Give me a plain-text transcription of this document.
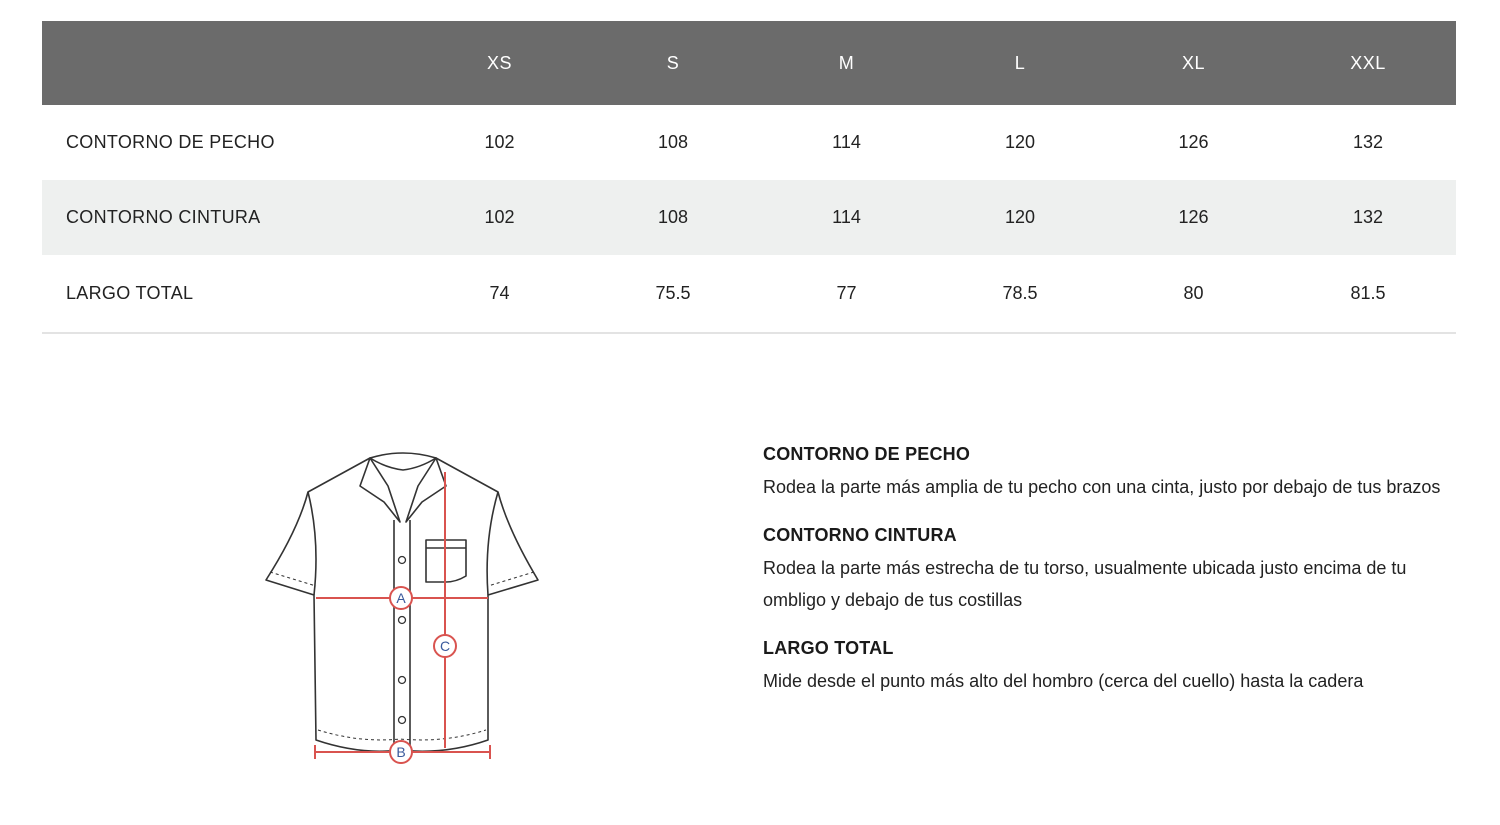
	XS	S	M	L	XL	XXL
CONTORNO DE PECHO	102	108	114	120	126	132
CONTORNO CINTURA	102	108	114	120	126	132
LARGO TOTAL	74	75.5	77	78.5	80	81.5
A
C
B

CONTORNO DE PECHO

Rodea la parte más amplia de tu pecho con una cinta, justo por debajo de tus brazos

CONTORNO CINTURA

Rodea la parte más estrecha de tu torso, usualmente ubicada justo encima de tu ombligo y debajo de tus costillas

LARGO TOTAL

Mide desde el punto más alto del hombro (cerca del cuello) hasta la cadera
